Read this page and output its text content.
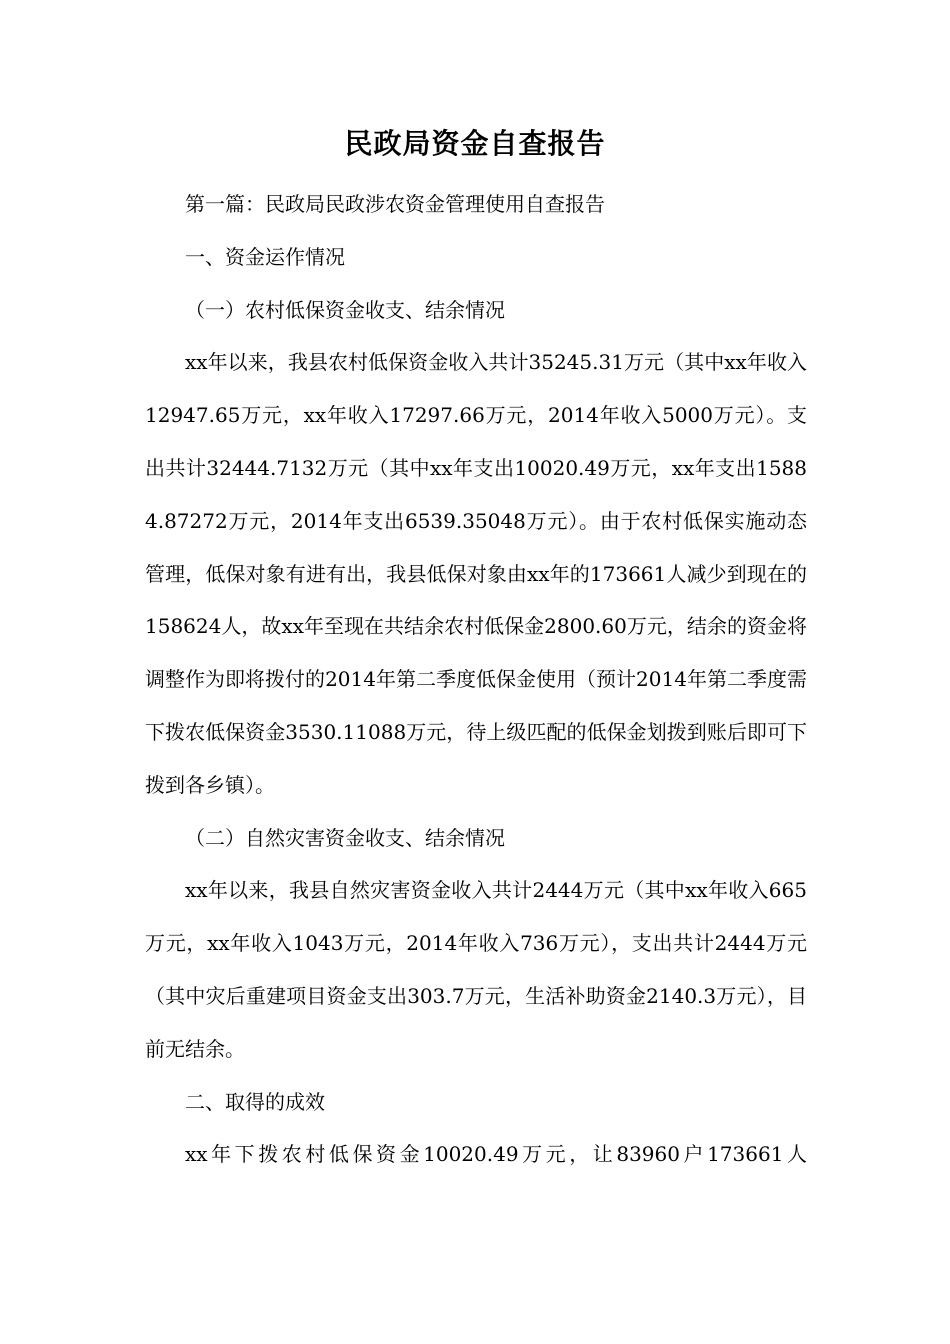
民政局资金自查报告

第一篇：民政局民政涉农资金管理使用自查报告

一、资金运作情况

（一）农村低保资金收支、结余情况

xx年以来，我县农村低保资金收入共计35245.31万元（其中xx年收入12947.65万元，xx年收入17297.66万元，2014年收入5000万元）。支出共计32444.7132万元（其中xx年支出10020.49万元，xx年支出15884.87272万元，2014年支出6539.35048万元）。由于农村低保实施动态管理，低保对象有进有出，我县低保对象由xx年的173661人减少到现在的158624人，故xx年至现在共结余农村低保金2800.60万元，结余的资金将调整作为即将拨付的2014年第二季度低保金使用（预计2014年第二季度需下拨农低保资金3530.11088万元，待上级匹配的低保金划拨到账后即可下拨到各乡镇）。

（二）自然灾害资金收支、结余情况

xx年以来，我县自然灾害资金收入共计2444万元（其中xx年收入665万元，xx年收入1043万元，2014年收入736万元），支出共计2444万元（其中灾后重建项目资金支出303.7万元，生活补助资金2140.3万元），目前无结余。

二、取得的成效

xx年下拨农村低保资金10020.49万元，让83960户173661人
